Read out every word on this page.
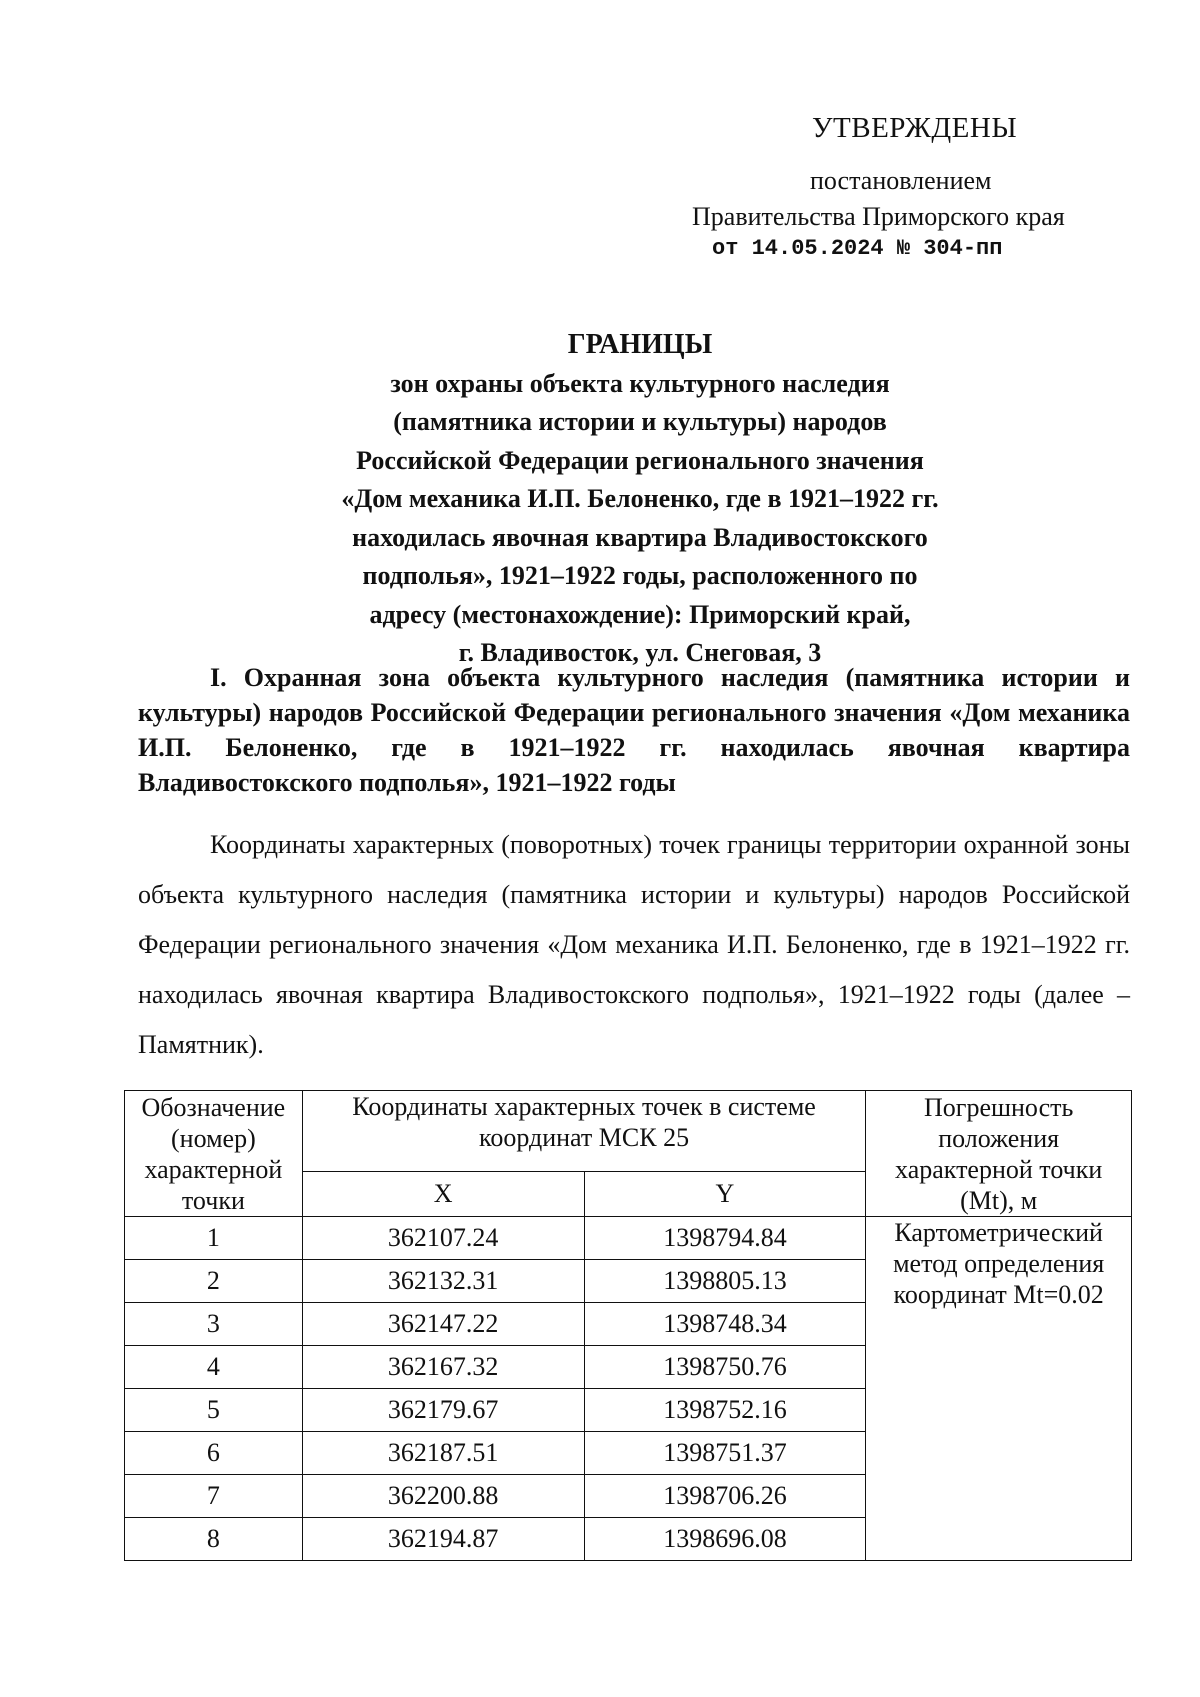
УТВЕРЖДЕНЫ
постановлением
Правительства Приморского края
от 14.05.2024 № 304-пп
ГРАНИЦЫ
зон охраны объекта культурного наследия
(памятника истории и культуры) народов
Российской Федерации регионального значения
«Дом механика И.П. Белоненко, где в 1921–1922 гг.
находилась явочная квартира Владивостокского
подполья», 1921–1922 годы, расположенного по
адресу (местонахождение): Приморский край,
г. Владивосток, ул. Снеговая, 3
I. Охранная зона объекта культурного наследия (памятника истории и культуры) народов Российской Федерации регионального значения «Дом механика И.П. Белоненко, где в 1921–1922 гг. находилась явочная квартира Владивостокского подполья», 1921–1922 годы
Координаты характерных (поворотных) точек границы территории охранной зоны объекта культурного наследия (памятника истории и культуры) народов Российской Федерации регионального значения «Дом механика И.П. Белоненко, где в 1921–1922 гг. находилась явочная квартира Владивостокского подполья», 1921–1922 годы (далее – Памятник).
Обозначение (номер) характерной точки	Координаты характерных точек в системе координат МСК 25		Погрешность положения характерной точки (Mt), м
	X	Y	
1	362107.24	1398794.84	Картометрический метод определения координат Mt=0.02
2	362132.31	1398805.13	
3	362147.22	1398748.34	
4	362167.32	1398750.76	
5	362179.67	1398752.16	
6	362187.51	1398751.37	
7	362200.88	1398706.26	
8	362194.87	1398696.08	
